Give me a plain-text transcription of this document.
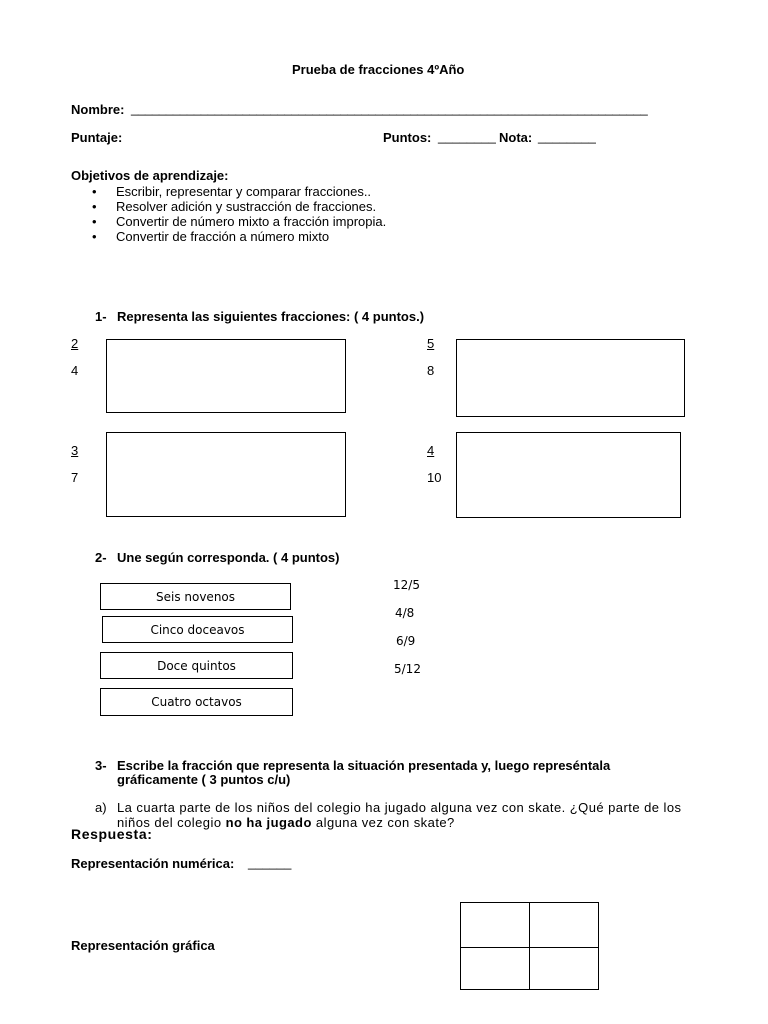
Prueba de fracciones 4ºAño
Nombre: __________________________________________________________________________
Puntaje:	Puntos: ________ Nota: ________
Objetivos de aprendizaje:
• Escribir, representar y comparar fracciones..
• Resolver adición y sustracción de fracciones.
• Convertir de número mixto a fracción impropia.
• Convertir de fracción a número mixto
1- Representa las siguientes fracciones: ( 4 puntos.)
2
4
5
8
3
7
4
10
2- Une según corresponda. ( 4 puntos)
Seis novenos
Cinco doceavos
Doce quintos
Cuatro octavos
12/5
4/8
6/9
5/12
3- Escribe la fracción que representa la situación presentada y, luego represéntala
gráficamente ( 3 puntos c/u)
a) La cuarta parte de los niños del colegio ha jugado alguna vez con skate. ¿Qué parte de los
niños del colegio no ha jugado alguna vez con skate?
Respuesta:
Representación numérica: ______
Representación gráfica
